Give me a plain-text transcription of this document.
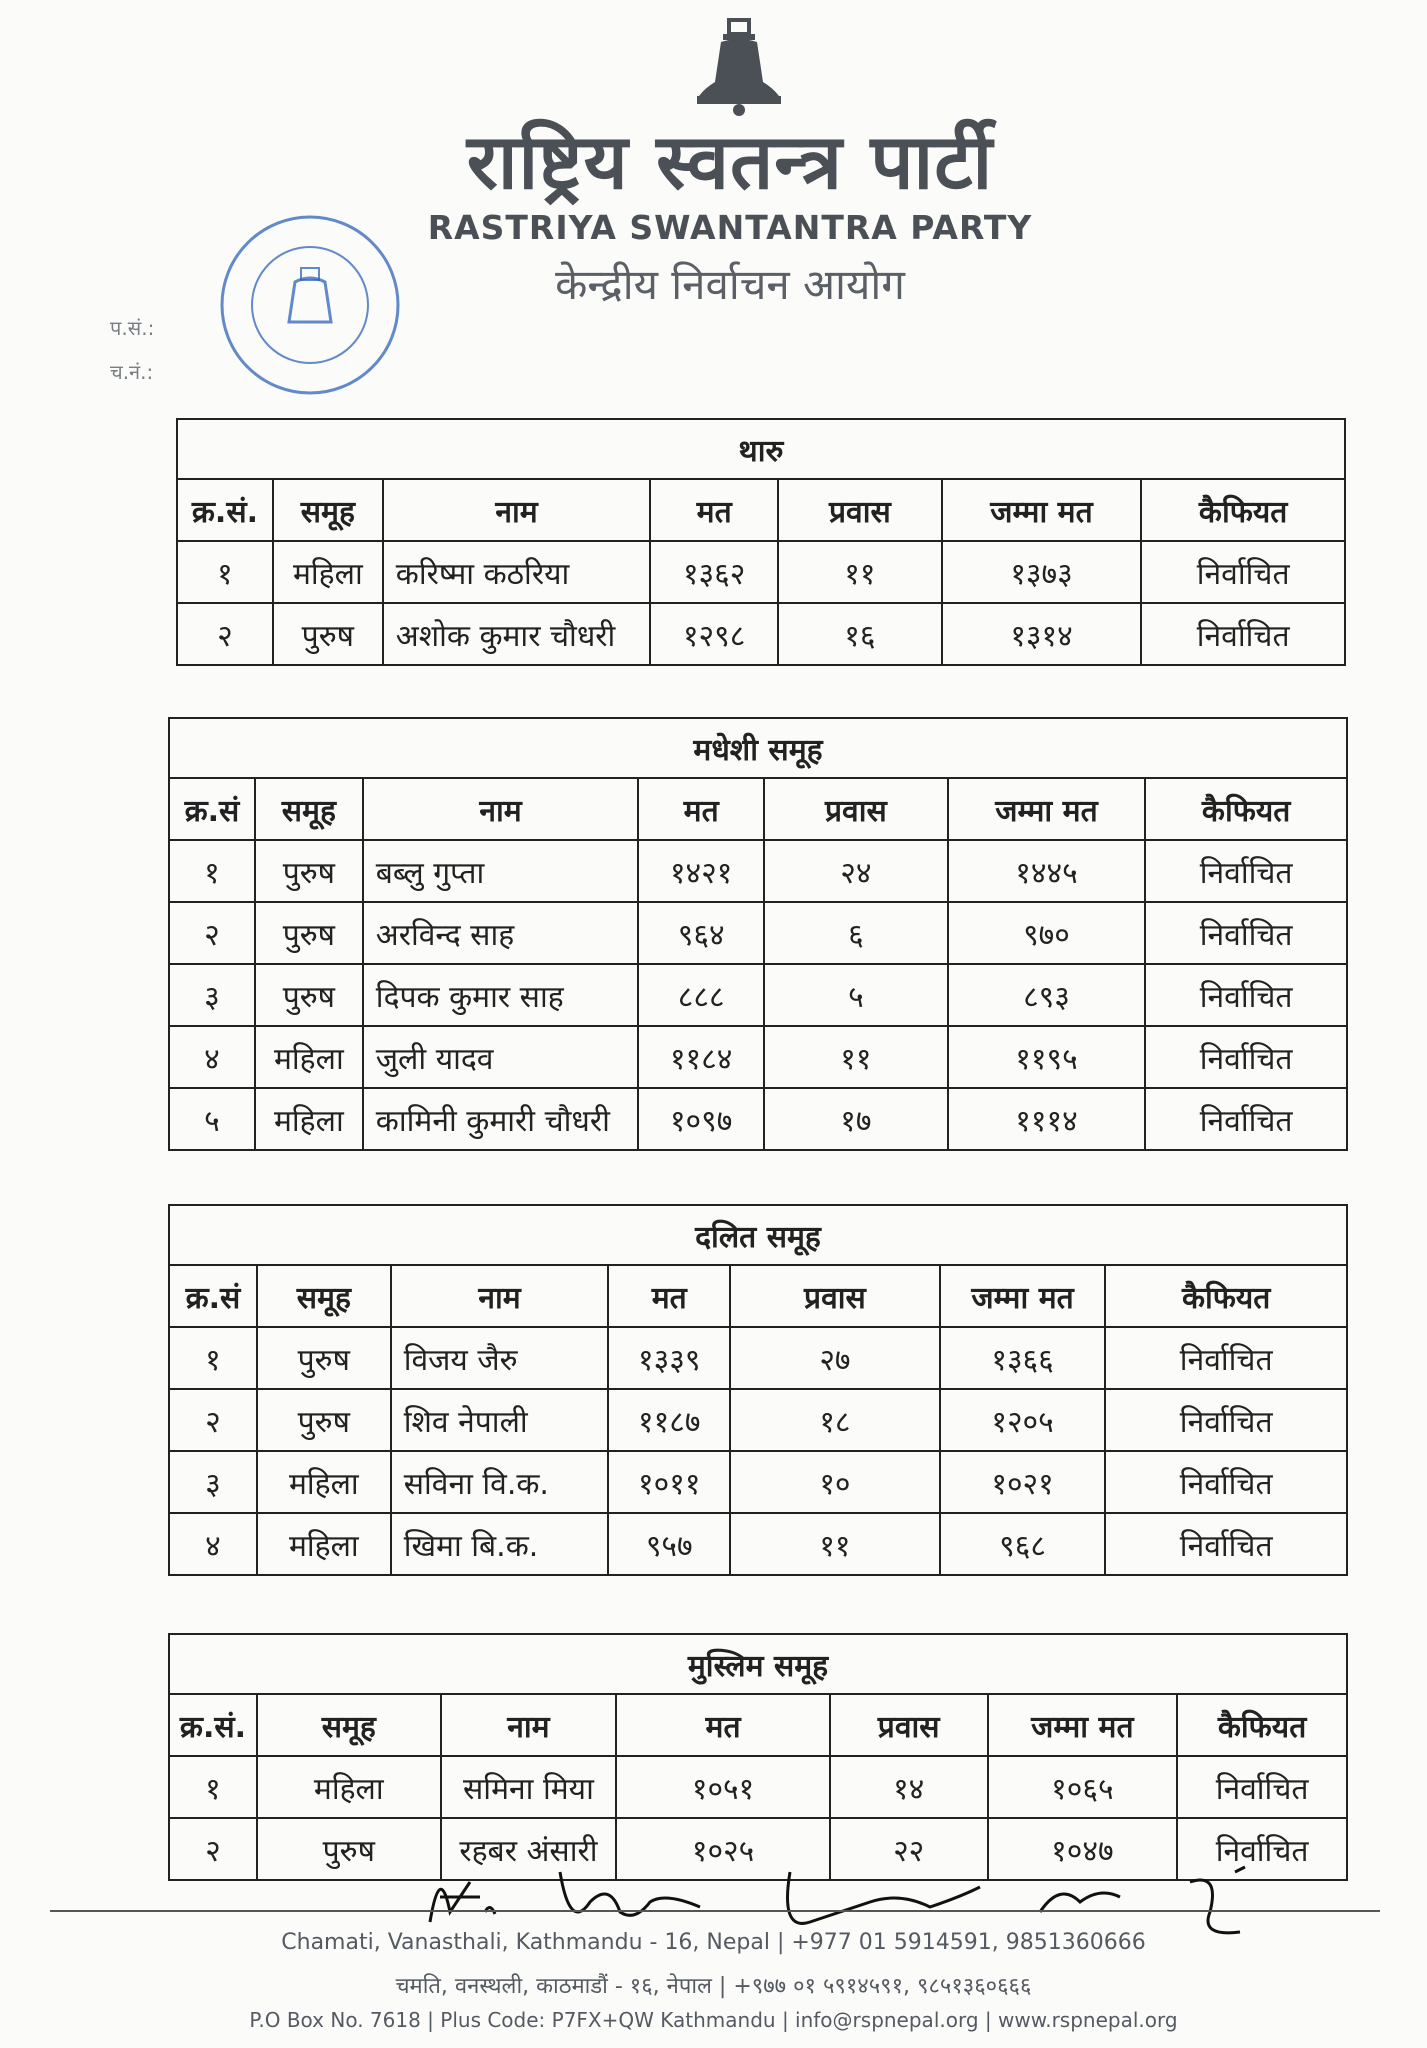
राष्ट्रिय स्वतन्त्र पार्टी
RASTRIYA SWANTANTRA PARTY
केन्द्रीय निर्वाचन आयोग
प.सं.:
च.नं.:
थारु						
क्र.सं.	समूह	नाम	मत	प्रवास	जम्मा मत	कैफियत
१	महिला	करिष्मा कठरिया	१३६२	११	१३७३	निर्वाचित
२	पुरुष	अशोक कुमार चौधरी	१२९८	१६	१३१४	निर्वाचित
मधेशी समूह						
क्र.सं	समूह	नाम	मत	प्रवास	जम्मा मत	कैफियत
१	पुरुष	बब्लु गुप्ता	१४२१	२४	१४४५	निर्वाचित
२	पुरुष	अरविन्द साह	९६४	६	९७०	निर्वाचित
३	पुरुष	दिपक कुमार साह	८८८	५	८९३	निर्वाचित
४	महिला	जुली यादव	११८४	११	११९५	निर्वाचित
५	महिला	कामिनी कुमारी चौधरी	१०९७	१७	१११४	निर्वाचित
दलित समूह						
क्र.सं	समूह	नाम	मत	प्रवास	जम्मा मत	कैफियत
१	पुरुष	विजय जैरु	१३३९	२७	१३६६	निर्वाचित
२	पुरुष	शिव नेपाली	११८७	१८	१२०५	निर्वाचित
३	महिला	सविना वि.क.	१०११	१०	१०२१	निर्वाचित
४	महिला	खिमा बि.क.	९५७	११	९६८	निर्वाचित
मुस्लिम समूह						
क्र.सं.	समूह	नाम	मत	प्रवास	जम्मा मत	कैफियत
१	महिला	समिना मिया	१०५१	१४	१०६५	निर्वाचित
२	पुरुष	रहबर अंसारी	१०२५	२२	१०४७	निर्वाचित
Chamati, Vanasthali, Kathmandu - 16, Nepal | +977 01 5914591, 9851360666
चमति, वनस्थली, काठमाडौं - १६, नेपाल | +९७७ ०१ ५९१४५९१, ९८५१३६०६६६
P.O Box No. 7618 | Plus Code: P7FX+QW Kathmandu | info@rspnepal.org | www.rspnepal.org
